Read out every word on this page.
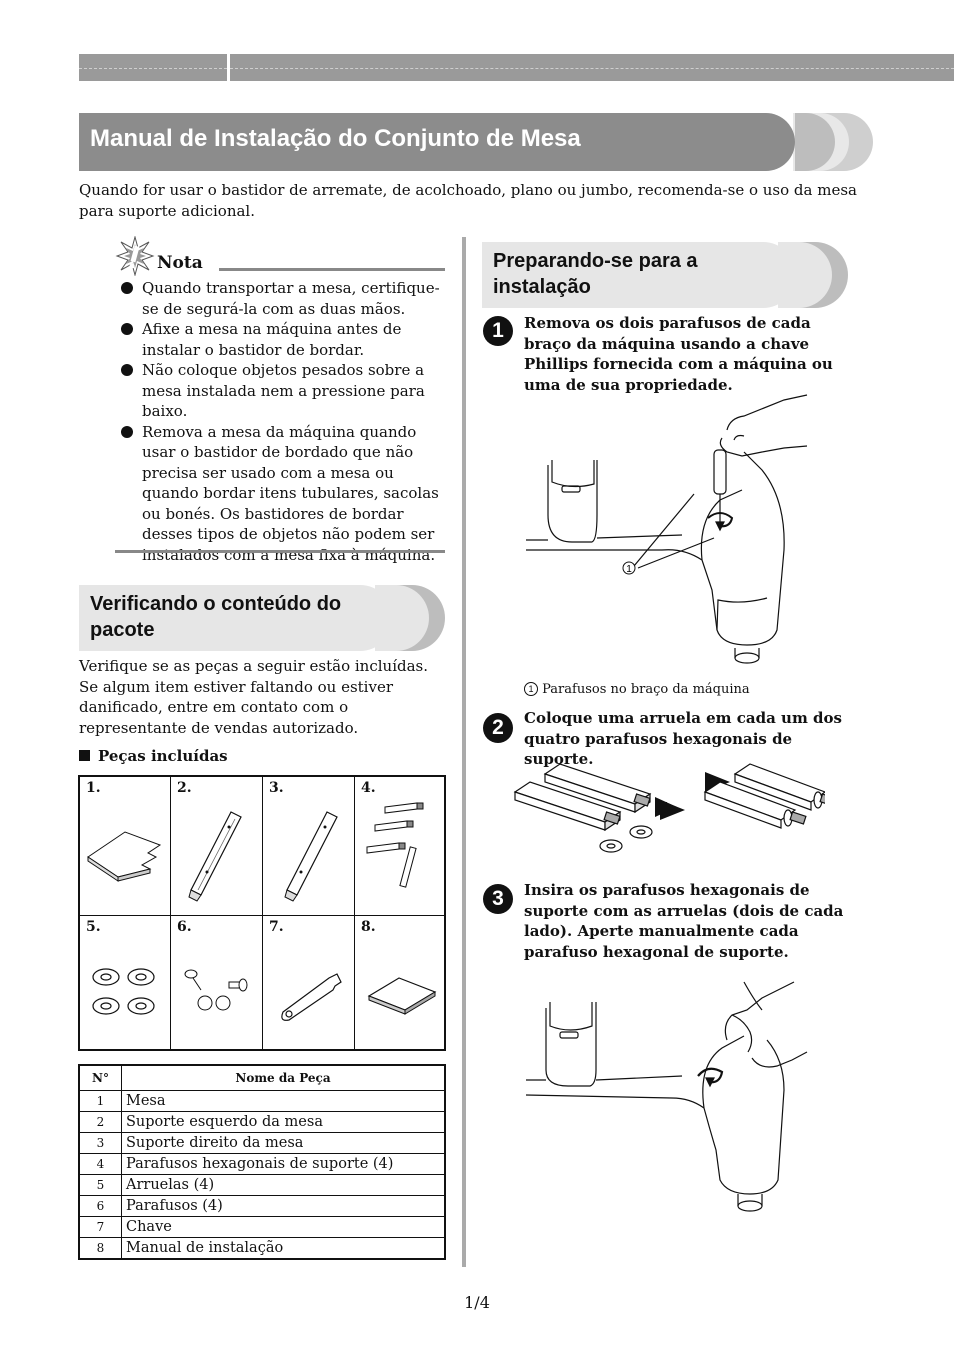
Manual de Instalação do Conjunto de Mesa
Quando for usar o bastidor de arremate, de acolchoado, plano ou jumbo, recomenda-se o uso da mesa para suporte adicional.
Nota
Quando transportar a mesa, certifique-se de segurá-la com as duas mãos.
Afixe a mesa na máquina antes de instalar o bastidor de bordar.
Não coloque objetos pesados sobre a mesa instalada nem a pressione para baixo.
Remova a mesa da máquina quando usar o bastidor de bordado que não precisa ser usado com a mesa ou quando bordar itens tubulares, sacolas ou bonés. Os bastidores de bordar desses tipos de objetos não podem ser instalados com a mesa fixa à máquina.
Verificando o conteúdo do pacote
Verifique se as peças a seguir estão incluídas. Se algum item estiver faltando ou estiver danificado, entre em contato com o representante de vendas autorizado.
Peças incluídas
1.	2.	3.	4.
5.	6.	7.	8.
N°	Nome da Peça
1	Mesa
2	Suporte esquerdo da mesa
3	Suporte direito da mesa
4	Parafusos hexagonais de suporte (4)
5	Arruelas (4)
6	Parafusos (4)
7	Chave
8	Manual de instalação
Preparando-se para a instalação
1	Remova os dois parafusos de cada braço da máquina usando a chave Phillips fornecida com a máquina ou uma de sua propriedade.
1
1 Parafusos no braço da máquina
2	Coloque uma arruela em cada um dos quatro parafusos hexagonais de suporte.
3	Insira os parafusos hexagonais de suporte com as arruelas (dois de cada lado). Aperte manualmente cada parafuso hexagonal de suporte.
1/4
